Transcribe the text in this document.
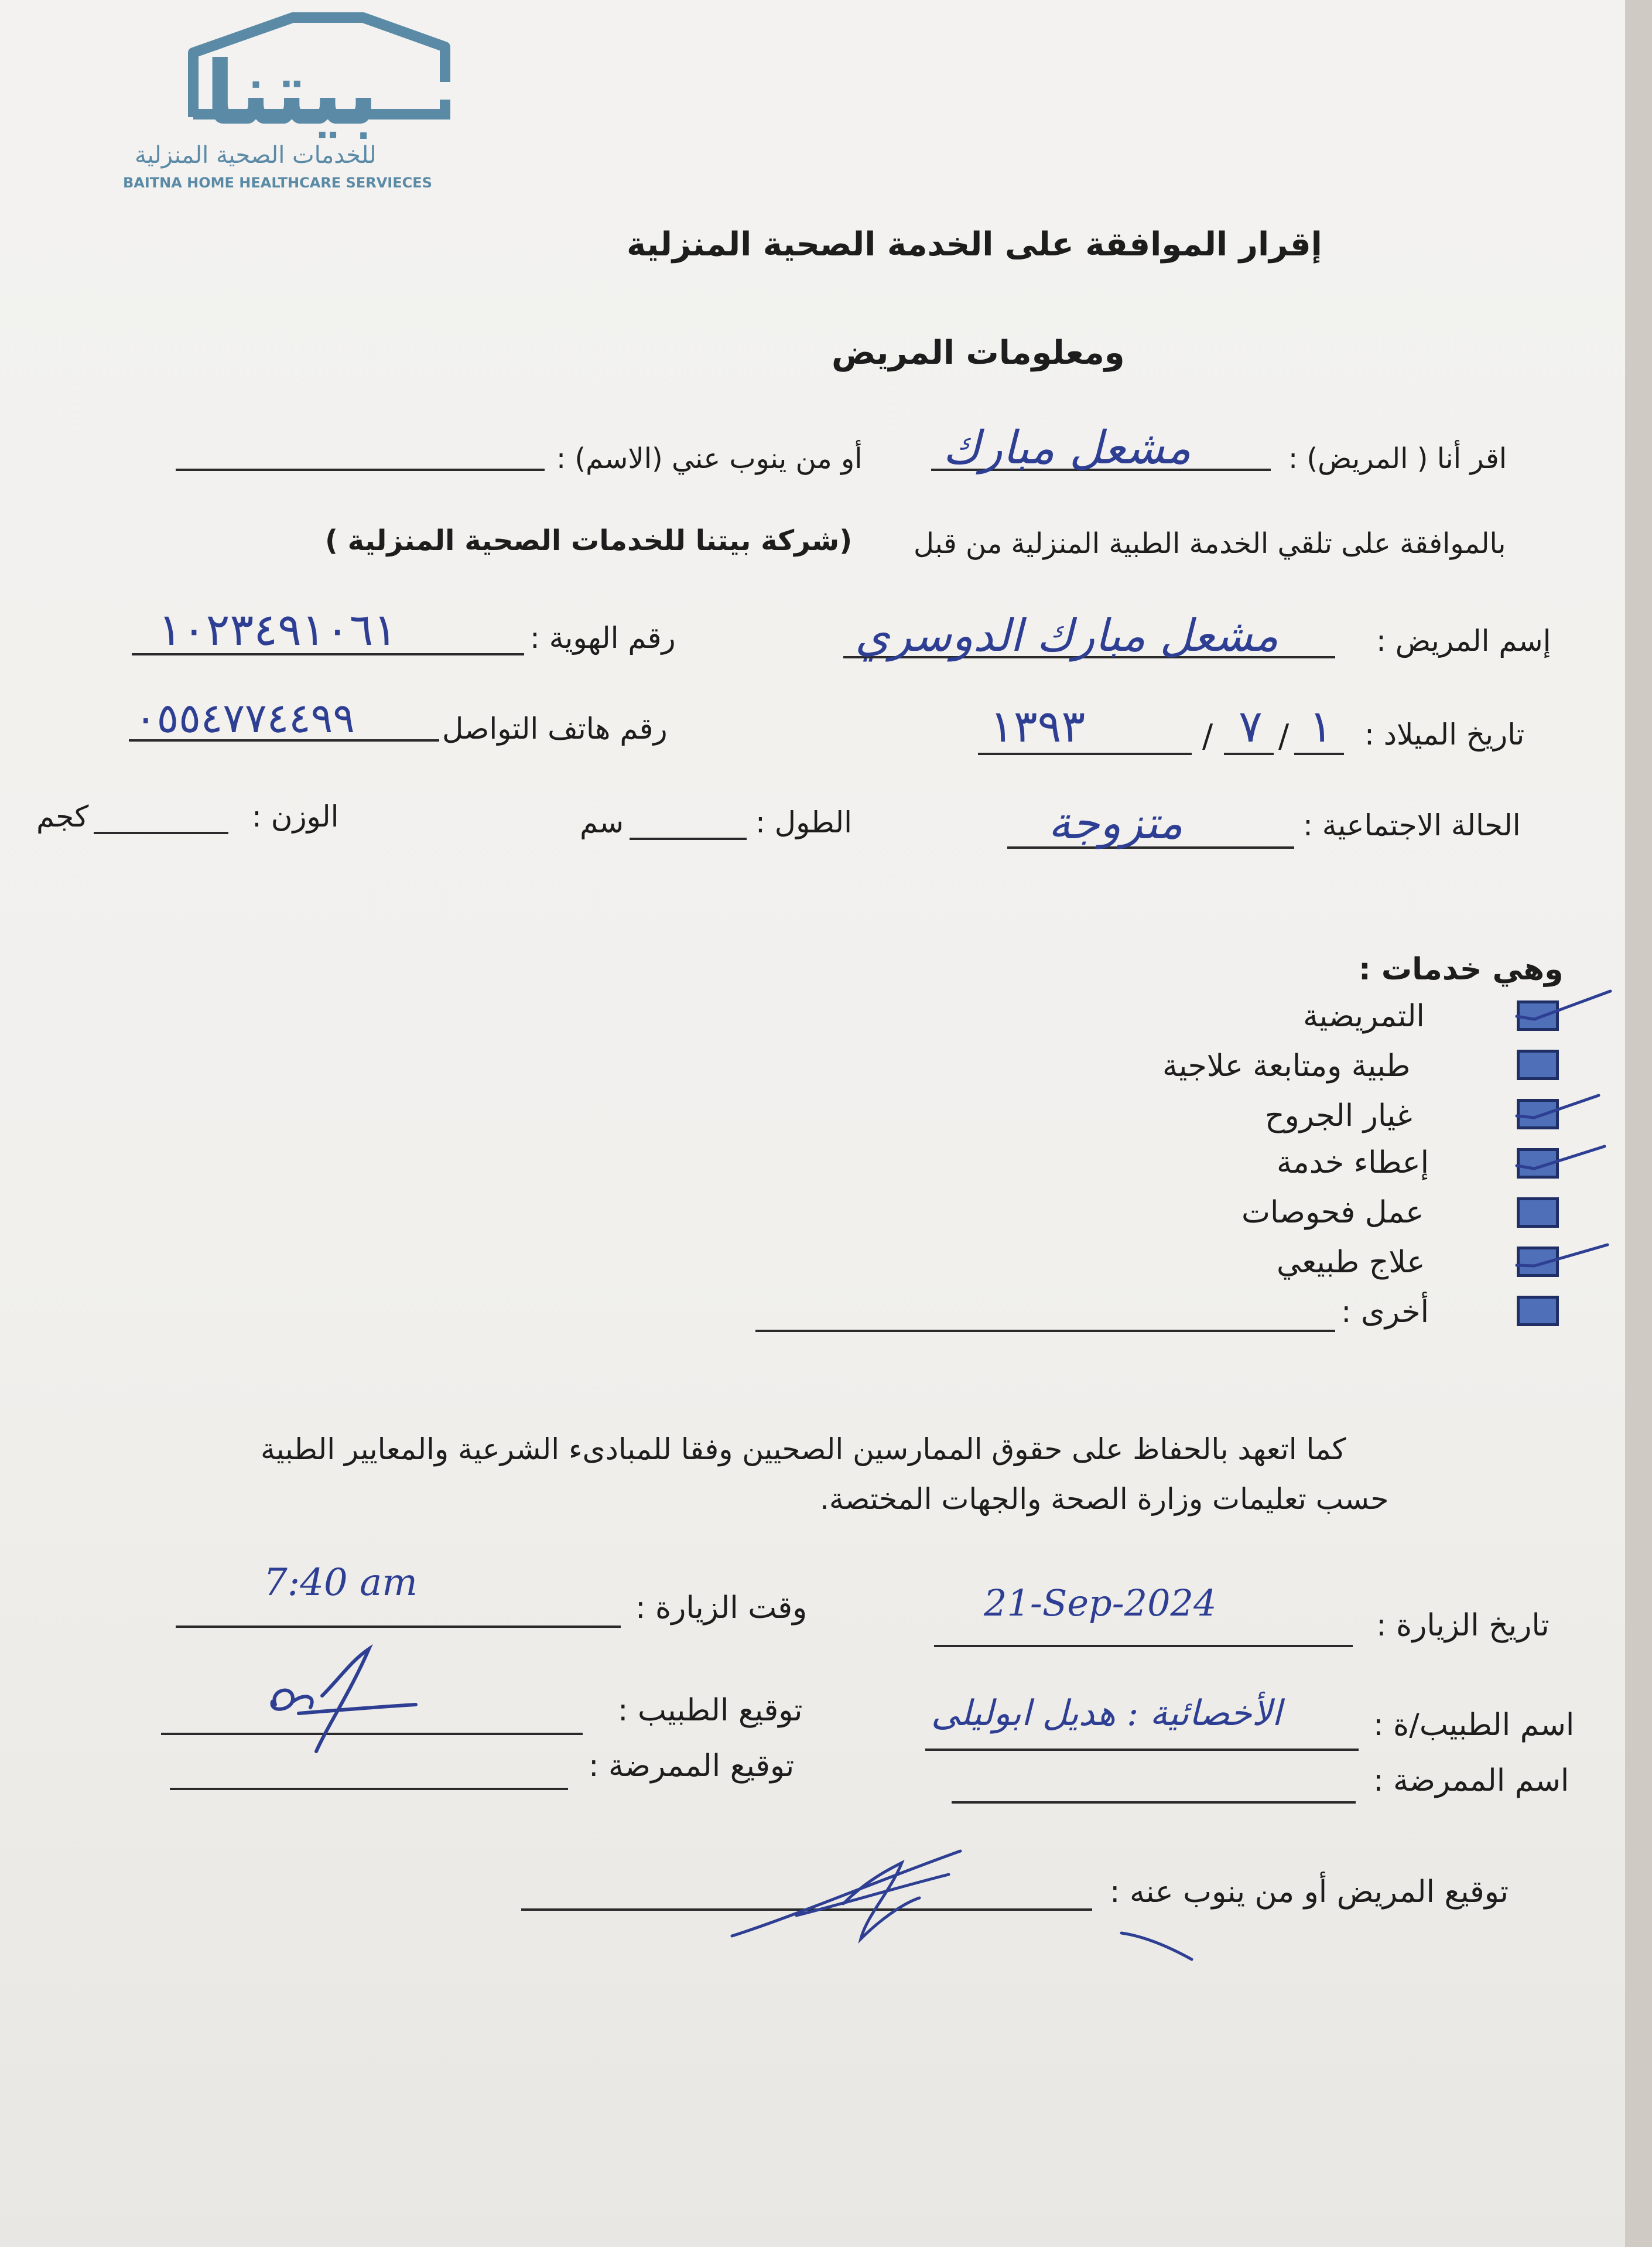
بيتنا
للخدمات الصحية المنزلية
BAITNA HOME HEALTHCARE SERVIECES
إقرار الموافقة على الخدمة الصحية المنزلية
ومعلومات المريض
اقر أنا ( المريض) :
مشعل مبارك
أو من ينوب عني (الاسم) :
بالموافقة على تلقي الخدمة الطبية المنزلية من قبل
(شركة بيتنا للخدمات الصحية المنزلية )
إسم المريض :
مشعل مبارك الدوسري
رقم الهوية :
١٠٢٣٤٩١٠٦١
تاريخ الميلاد :
١
/
٧
/
١٣٩٣
رقم هاتف التواصل
٠٥٥٤٧٧٤٤٩٩
الحالة الاجتماعية :
متزوجة
الطول :
سم
الوزن :
كجم
وهي خدمات :
التمريضية
طبية ومتابعة علاجية
غيار الجروح
إعطاء خدمة
عمل فحوصات
علاج طبيعي
أخرى :
كما اتعهد بالحفاظ على حقوق الممارسين الصحيين وفقا للمبادىء الشرعية والمعايير الطبية
حسب تعليمات وزارة الصحة والجهات المختصة.
تاريخ الزيارة :
21-Sep-2024
وقت الزيارة :
7:40 am
اسم الطبيب/ة :
الأخصائية : هديل ابوليلى
توقيع الطبيب :
اسم الممرضة :
توقيع الممرضة :
توقيع المريض أو من ينوب عنه :
